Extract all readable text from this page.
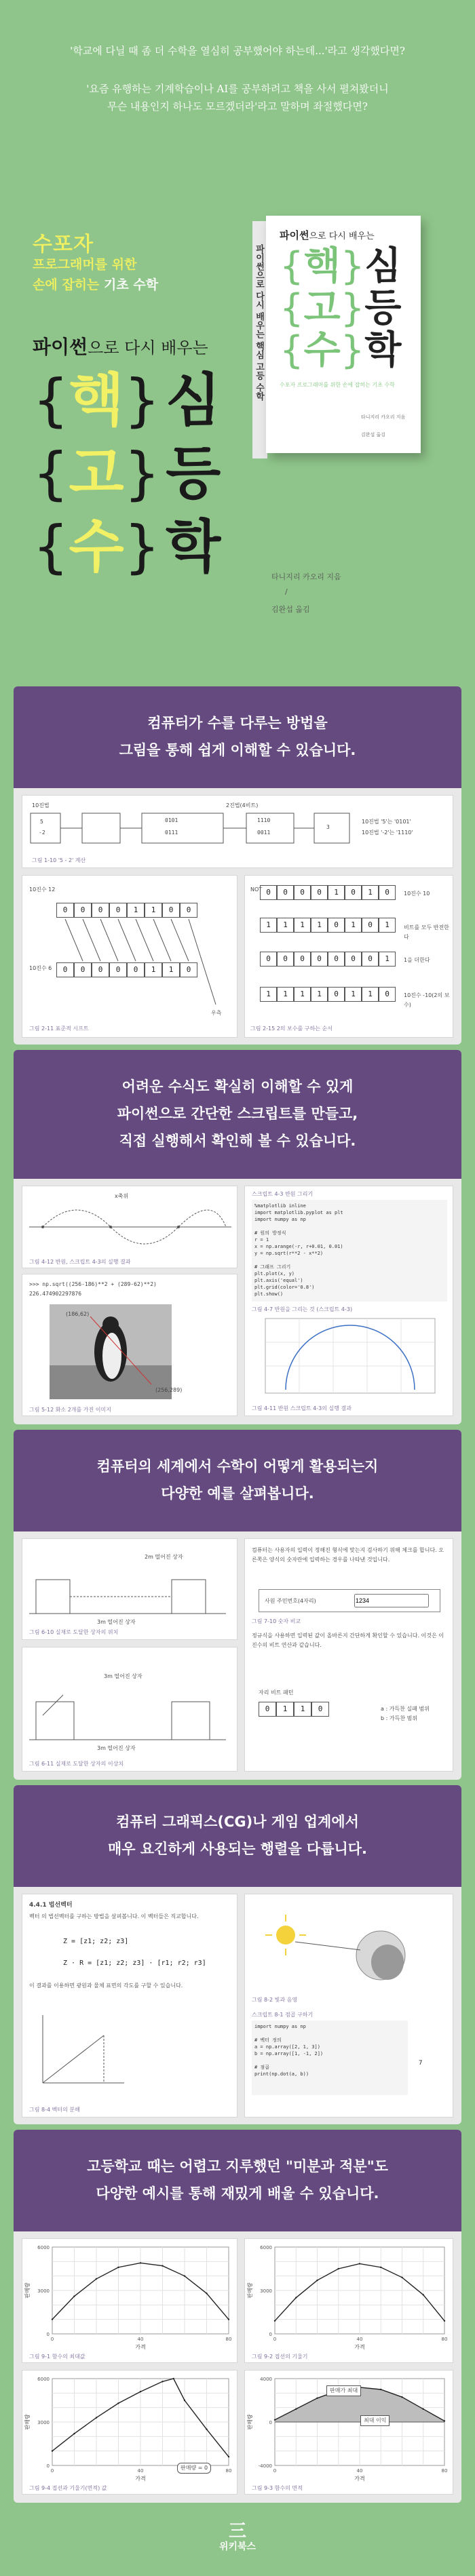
'학교에 다닐 때 좀 더 수학을 열심히 공부했어야 하는데...'라고 생각했다면?
'요즘 유행하는 기계학습이나 AI를 공부하려고 책을 사서 펼쳐봤더니
무슨 내용인지 하나도 모르겠더라'라고 말하며 좌절했다면?
수포자
프로그래머를 위한
손에 잡히는 기초 수학
파이썬으로 다시 배우는
{핵}심
{고}등
{수}학
파이썬으로 다시 배우는 핵심 고등 수학
파이썬으로 다시 배우는
{핵}심
{고}등
{수}학
수포자 프로그래머를 위한 손에 잡히는 기초 수학
타니지리 카오리 지음
김완섭 옮김
타니지리 카오리 지음
/
김완섭 옮김
컴퓨터가 수를 다루는 방법을
그림을 통해 쉽게 이해할 수 있습니다.
10진법	2진법(4비트)
5
-2
3
0101
0111
1110
0011
10진법 '5'는 '0101'
10진법 '-2'는 '1110'
그림 1-10 '5 - 2' 계산
10진수 12
10진수 6
우측
0	0	0	0	1	1	0	0
0	0	0	0	0	1	1	0
그림 2-11 표준적 시프트
NOT
10진수 10
비트를 모두 반전한다
1을 더한다
10진수 -10(2의 보수)
0	0	0	0	1	0	1	0
1	1	1	1	0	1	0	1
0	0	0	0	0	0	0	1
1	1	1	1	0	1	1	0
그림 2-15 2의 보수를 구하는 순서
어려운 수식도 확실히 이해할 수 있게
파이썬으로 간단한 스크립트를 만들고,
직접 실행해서 확인해 볼 수 있습니다.
x축위
그림 4-12 반원, 스크립트 4-3의 실행 결과
>>> np.sqrt((256-186)**2 + (289-62)**2)
226.474902297876
(186,62)
(256,289)
그림 5-12 화소 2개를 가진 이미지
스크립트 4-3 반원 그리기
%matplotlib inline
import matplotlib.pyplot as plt
import numpy as np

# 원의 방정식
r = 1
x = np.arange(-r, r+0.01, 0.01)
y = np.sqrt(r**2 - x**2)

# 그래프 그리기
plt.plot(x, y)
plt.axis('equal')
plt.grid(color='0.8')
plt.show()
그림 4-7 반원을 그리는 것 (스크립트 4-3)
그림 4-11 반원 스크립트 4-3의 실행 결과
컴퓨터의 세계에서 수학이 어떻게 활용되는지
다양한 예를 살펴봅니다.
2m 떨어진 상자
3m 떨어진 상자
그림 6-10 실재로 도달한 상자의 위치
3m 떨어진 상자
3m 떨어진 상자
그림 6-11 실재로 도달한 상자의 이상치
컴퓨터는 사용자의 입력이 정해진 형식에 맞는지 검사하기 위해 체크를 합니다. 오른쪽은 양식의 숫자란에 입력하는 경우를 나타낸 것입니다.
사원 주민번호(4자리)
1234
그림 7-10 숫자 비교
정규식을 사용하면 입력된 값이 올바른지 간단하게 확인할 수 있습니다. 이것은 이진수의 비트 연산과 같습니다.
자리 비트 패턴
0	1	1	0	a : 가득찬 실패 범위
b : 가득찬 범위
컴퓨터 그래픽스(CG)나 게임 업계에서
매우 요긴하게 사용되는 행렬을 다룹니다.
4.4.1 법선벡터
벡터 의 법선벡터를 구하는 방법을 살펴봅니다. 이 벡터들은 직교합니다.
Z = [z1; z2; z3]
Z · R = [z1; z2; z3] · [r1; r2; r3]
이 결과를 이용하면 광원과 물체 표면의 각도를 구할 수 있습니다.
그림 8-4 벡터의 분해
그림 8-2 빛과 음영
스크립트 8-1 점곱 구하기
import numpy as np

# 벡터 정의
a = np.array([2, 1, 3])
b = np.array([1, -1, 2])

# 점곱
print(np.dot(a, b))
7
고등학교 때는 어렵고 지루했던 "미분과 적분"도
다양한 예시를 통해 재밌게 배울 수 있습니다.
0	40	80
0
3000
6000
가격
판매량
그림 9-1 함수의 최대값
0	40	80
0
3000
6000
가격
판매량
그림 9-2 접선의 기울기
0	40	80
0
3000
6000
가격
판매량
판매량 = 0
그림 9-4 접선과 기울기(면적) 값
0	40	80
-4000
0
4000
가격
판매량	최대 이익
판매가 최대
그림 9-3 함수의 면적
三
위키북스
